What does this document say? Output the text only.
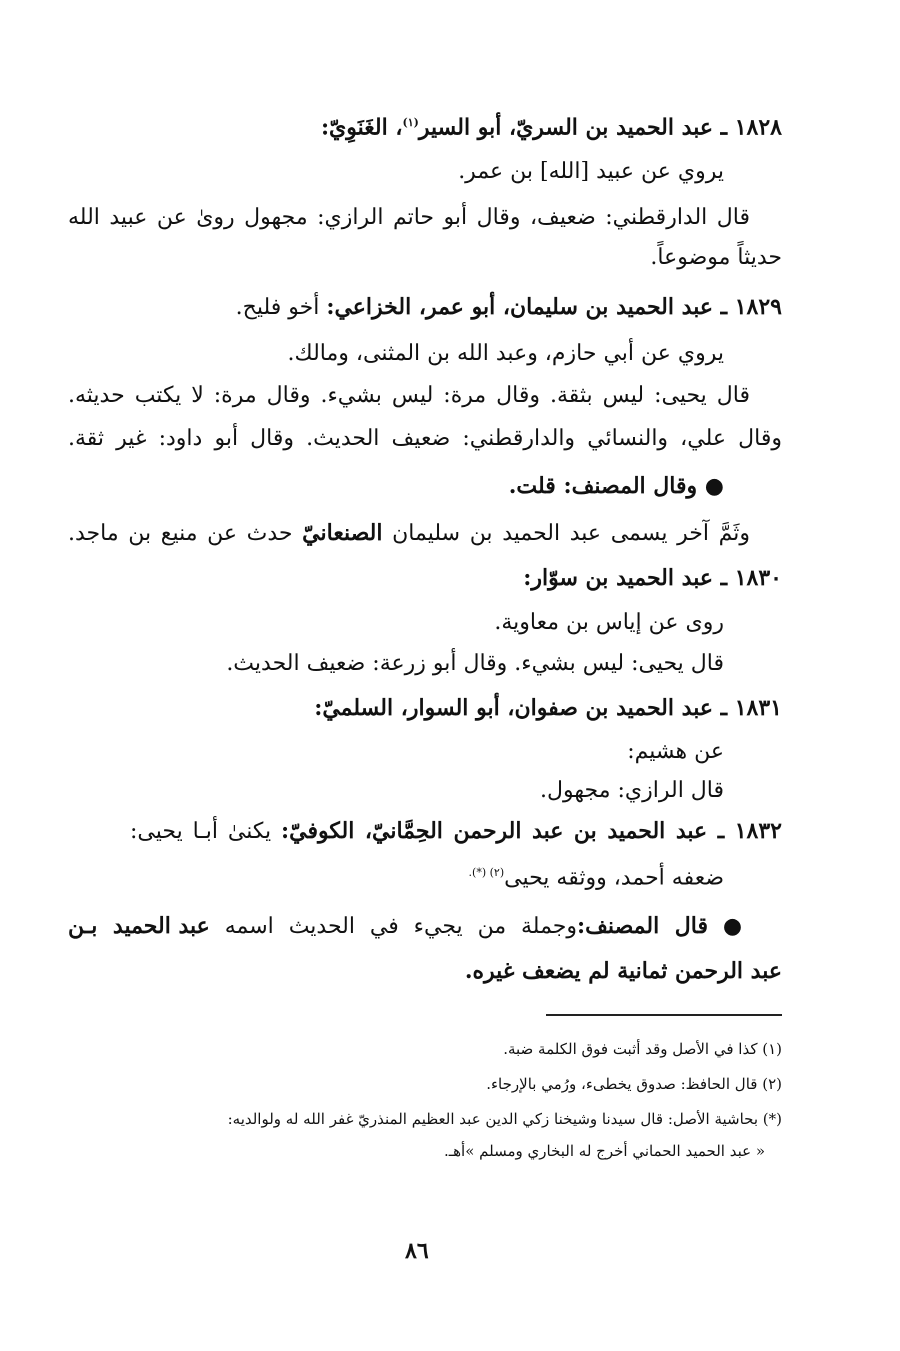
١٨٢٨ ـ عبد الحميد بن السريّ، أبو السير$^{(١)}$، الغَنَوِيّ:
يروي عن عبيد [الله] بن عمر.
قال الدارقطني: ضعيف، وقال أبو حاتم الرازي: مجهول روىٰ عن عبيد الله
حديثاً موضوعاً.
١٨٢٩ ـ عبد الحميد بن سليمان، أبو عمر، الخزاعي: أخو فليح.
يروي عن أبي حازم، وعبد الله بن المثنى، ومالك.
قال يحيى: ليس بثقة. وقال مرة: ليس بشيء. وقال مرة: لا يكتب حديثه.
وقال علي، والنسائي والدارقطني: ضعيف الحديث. وقال أبو داود: غير ثقة.
● وقال المصنف: قلت.
وثَمَّ آخر يسمى عبد الحميد بن سليمان الصنعانيّ حدث عن منيع بن ماجد.
١٨٣٠ ـ عبد الحميد بن سوّار:
روى عن إياس بن معاوية.
قال يحيى: ليس بشيء. وقال أبو زرعة: ضعيف الحديث.
١٨٣١ ـ عبد الحميد بن صفوان، أبو السوار، السلميّ:
عن هشيم:
قال الرازي: مجهول.
١٨٣٢ ـ عبد الحميد بن عبد الرحمن الحِمَّانيّ، الكوفيّ: يكنىٰ أبـا يحيى:
ضعفه أحمد، ووثقه يحيى$^{(٢) (*).}$
● قال المصنف:وجملة من يجيء في الحديث اسمه عبد الحميد بـن
عبد الرحمن ثمانية لم يضعف غيره.
(١) كذا في الأصل وقد أثبت فوق الكلمة ضبة.
(٢) قال الحافظ: صدوق يخطىء، ورُمي بالإرجاء.
(*) بحاشية الأصل: قال سيدنا وشيخنا زكي الدين عبد العظيم المنذريّ غفر الله له ولوالديه:
« عبد الحميد الحماني أخرج له البخاري ومسلم »أهـ.
٨٦
